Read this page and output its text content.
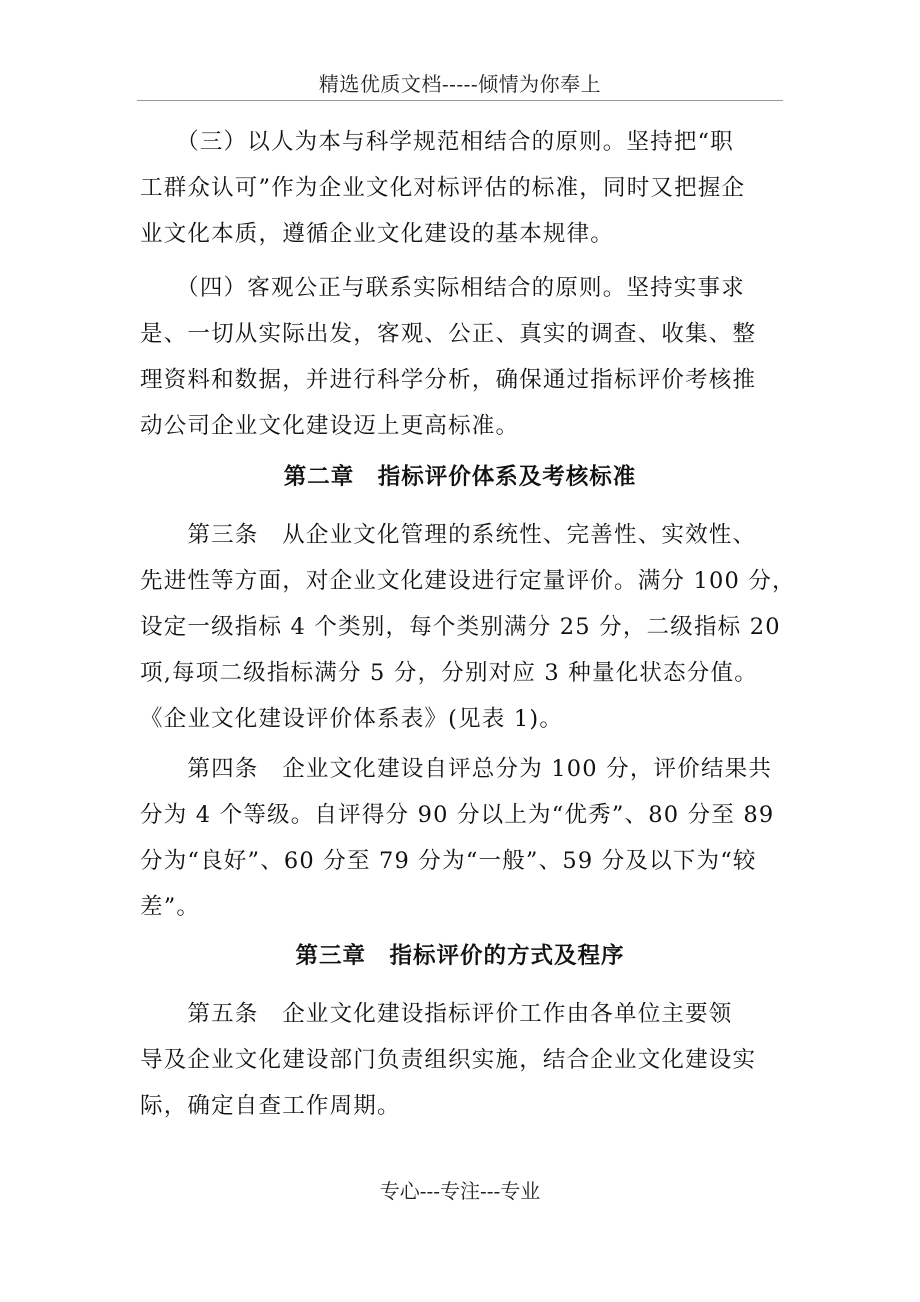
精选优质文档-----倾情为你奉上
　　（三）以人为本与科学规范相结合的原则。坚持把“职
工群众认可”作为企业文化对标评估的标准，同时又把握企
业文化本质，遵循企业文化建设的基本规律。
　　（四）客观公正与联系实际相结合的原则。坚持实事求
是、一切从实际出发，客观、公正、真实的调查、收集、整
理资料和数据，并进行科学分析，确保通过指标评价考核推
动公司企业文化建设迈上更高标准。
第二章　指标评价体系及考核标准
　　第三条　从企业文化管理的系统性、完善性、实效性、
先进性等方面，对企业文化建设进行定量评价。满分 100 分，
设定一级指标 4 个类别，每个类别满分 25 分，二级指标 20
项,每项二级指标满分 5 分，分别对应 3 种量化状态分值。
《企业文化建设评价体系表》(见表 1)。
　　第四条　企业文化建设自评总分为 100 分，评价结果共
分为 4 个等级。自评得分 90 分以上为“优秀”、80 分至 89
分为“良好”、60 分至 79 分为“一般”、59 分及以下为“较
差”。
第三章　指标评价的方式及程序
　　第五条　企业文化建设指标评价工作由各单位主要领
导及企业文化建设部门负责组织实施，结合企业文化建设实
际，确定自查工作周期。
专心---专注---专业
